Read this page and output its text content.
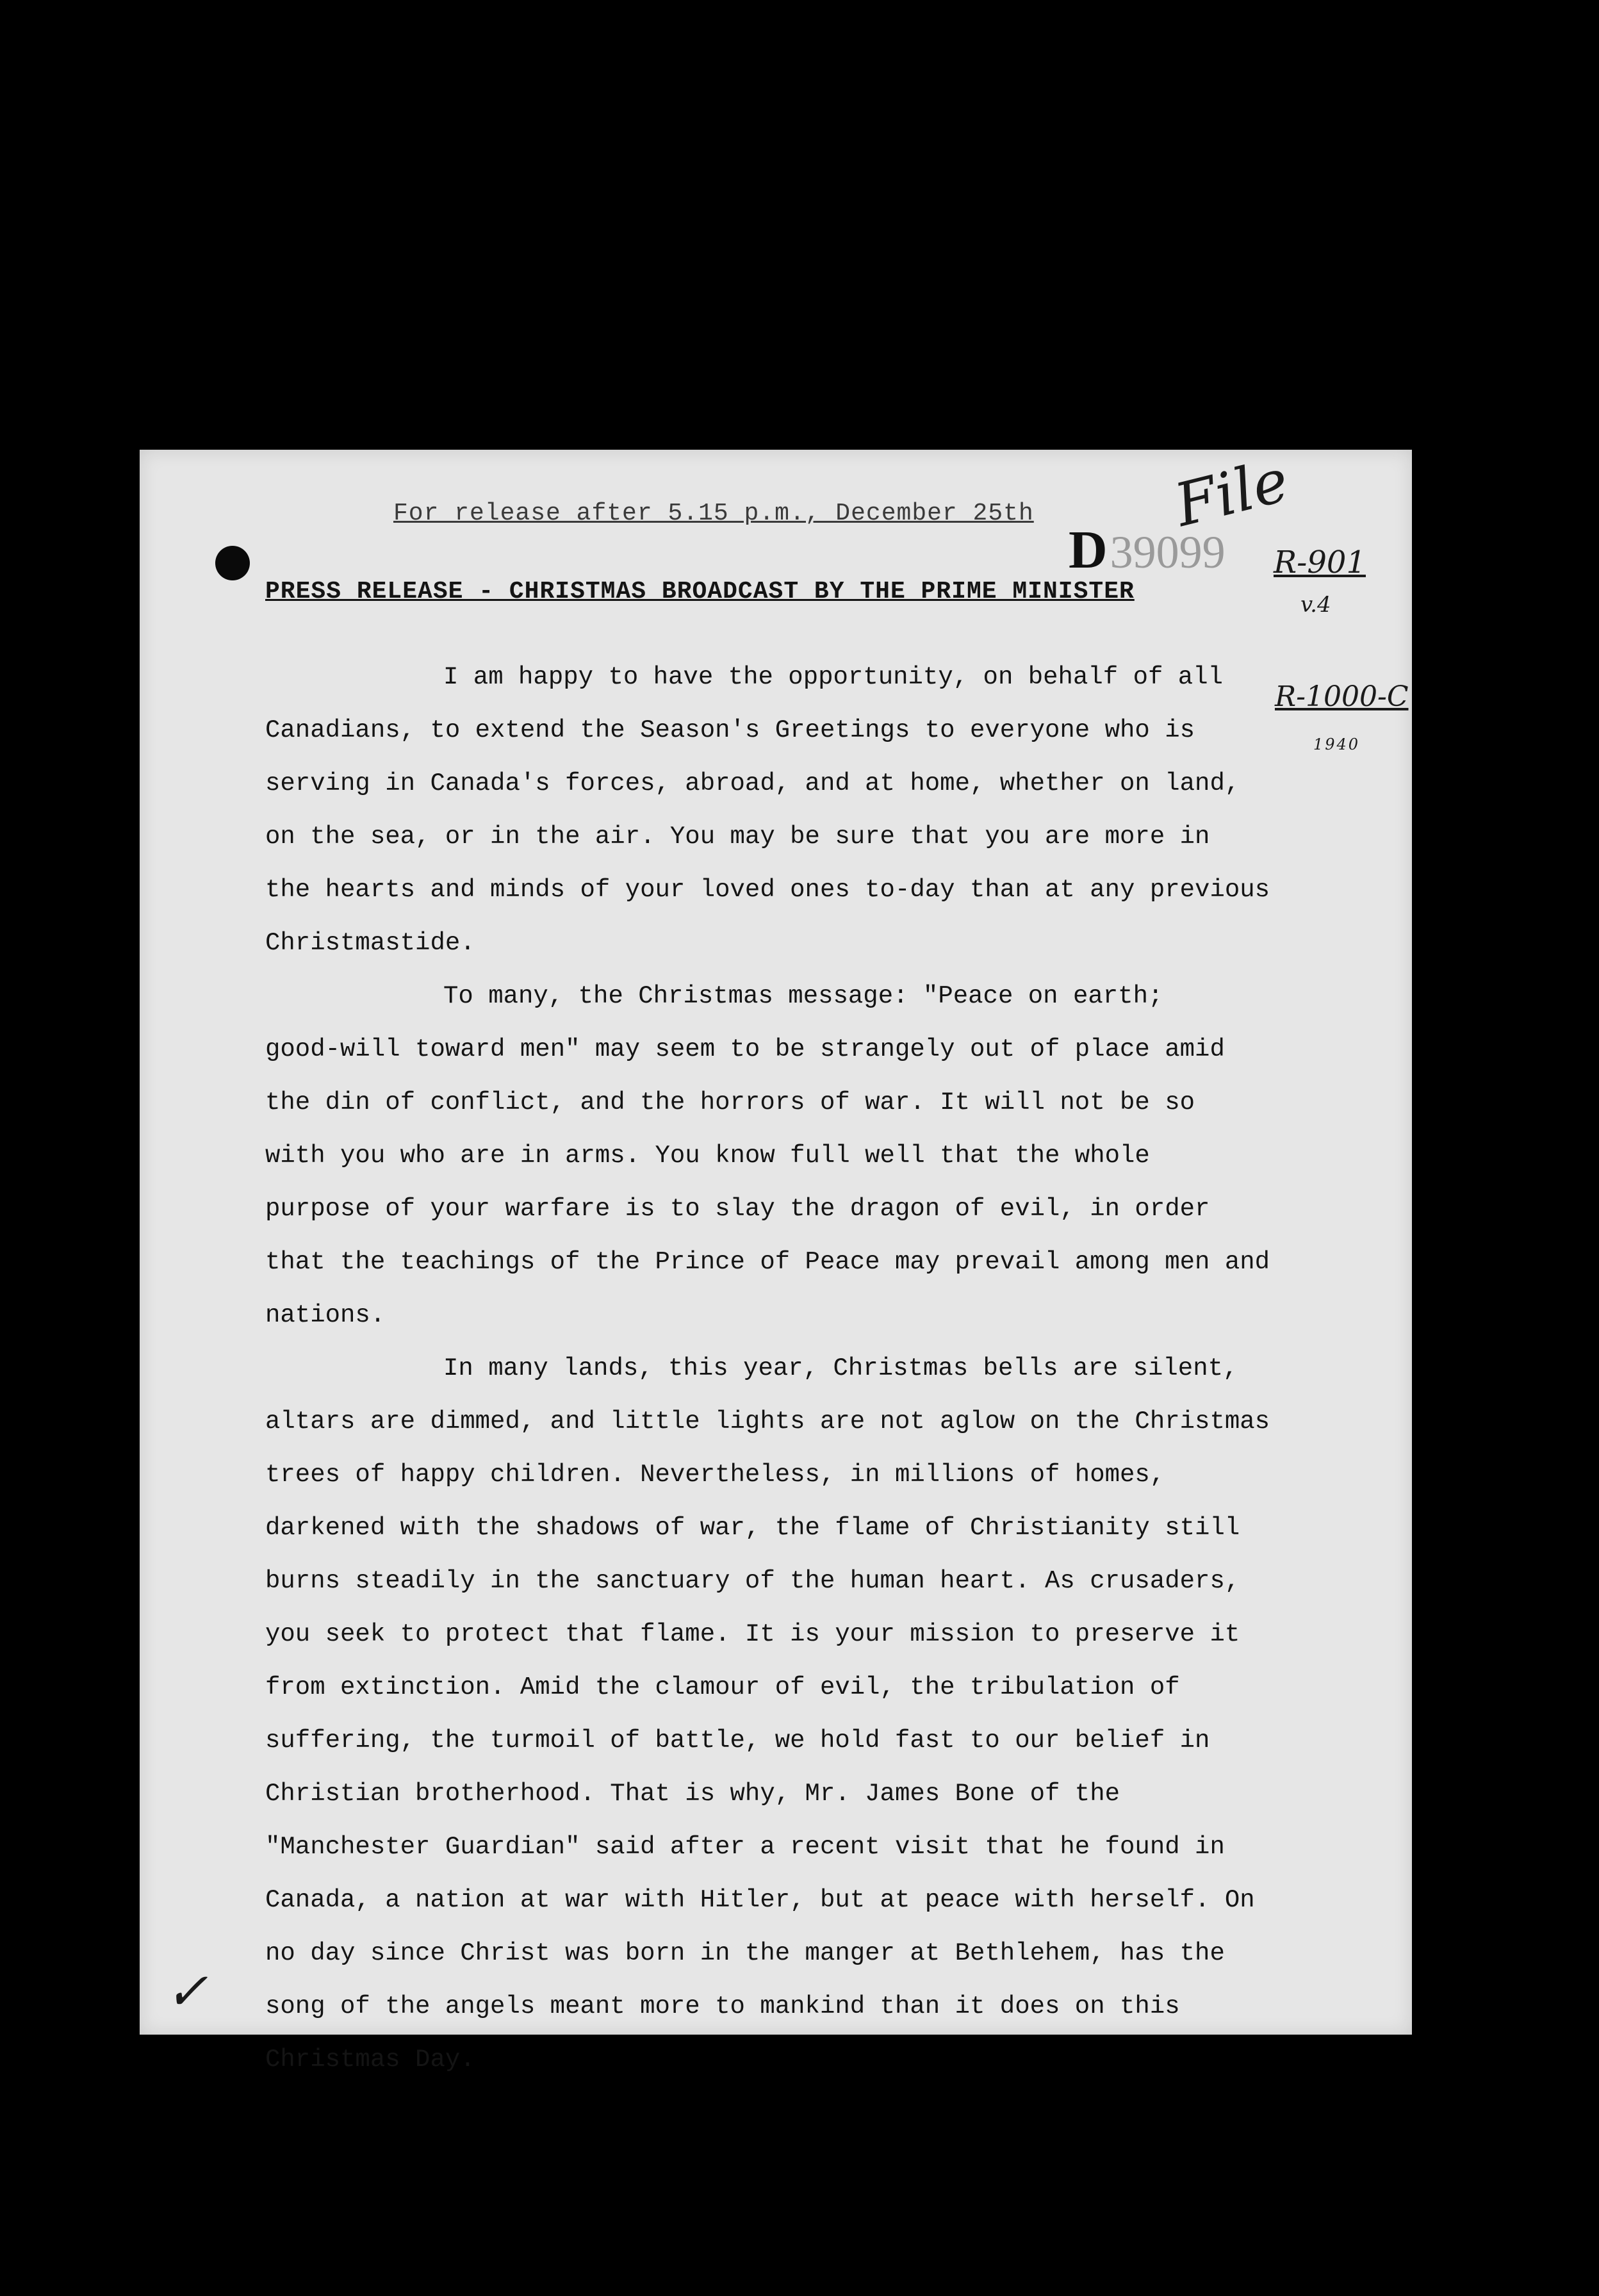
For release after 5.15 p.m., December 25th
D39099
File
R-901
v.4
R-1000-C
1940
✓
PRESS RELEASE - CHRISTMAS BROADCAST BY THE PRIME MINISTER

I am happy to have the opportunity, on behalf of all
Canadians, to extend the Season's Greetings to everyone who is
serving in Canada's forces, abroad, and at home, whether on land,
on the sea, or in the air. You may be sure that you are more in
the hearts and minds of your loved ones to-day than at any previous
Christmastide.

To many, the Christmas message: "Peace on earth;
good-will toward men" may seem to be strangely out of place amid
the din of conflict, and the horrors of war. It will not be so
with you who are in arms. You know full well that the whole
purpose of your warfare is to slay the dragon of evil, in order
that the teachings of the Prince of Peace may prevail among men and
nations.

In many lands, this year, Christmas bells are silent,
altars are dimmed, and little lights are not aglow on the Christmas
trees of happy children. Nevertheless, in millions of homes,
darkened with the shadows of war, the flame of Christianity still
burns steadily in the sanctuary of the human heart. As crusaders,
you seek to protect that flame. It is your mission to preserve it
from extinction. Amid the clamour of evil, the tribulation of
suffering, the turmoil of battle, we hold fast to our belief in
Christian brotherhood. That is why, Mr. James Bone of the
"Manchester Guardian" said after a recent visit that he found in
Canada, a nation at war with Hitler, but at peace with herself. On
no day since Christ was born in the manger at Bethlehem, has the
song of the angels meant more to mankind than it does on this
Christmas Day.
